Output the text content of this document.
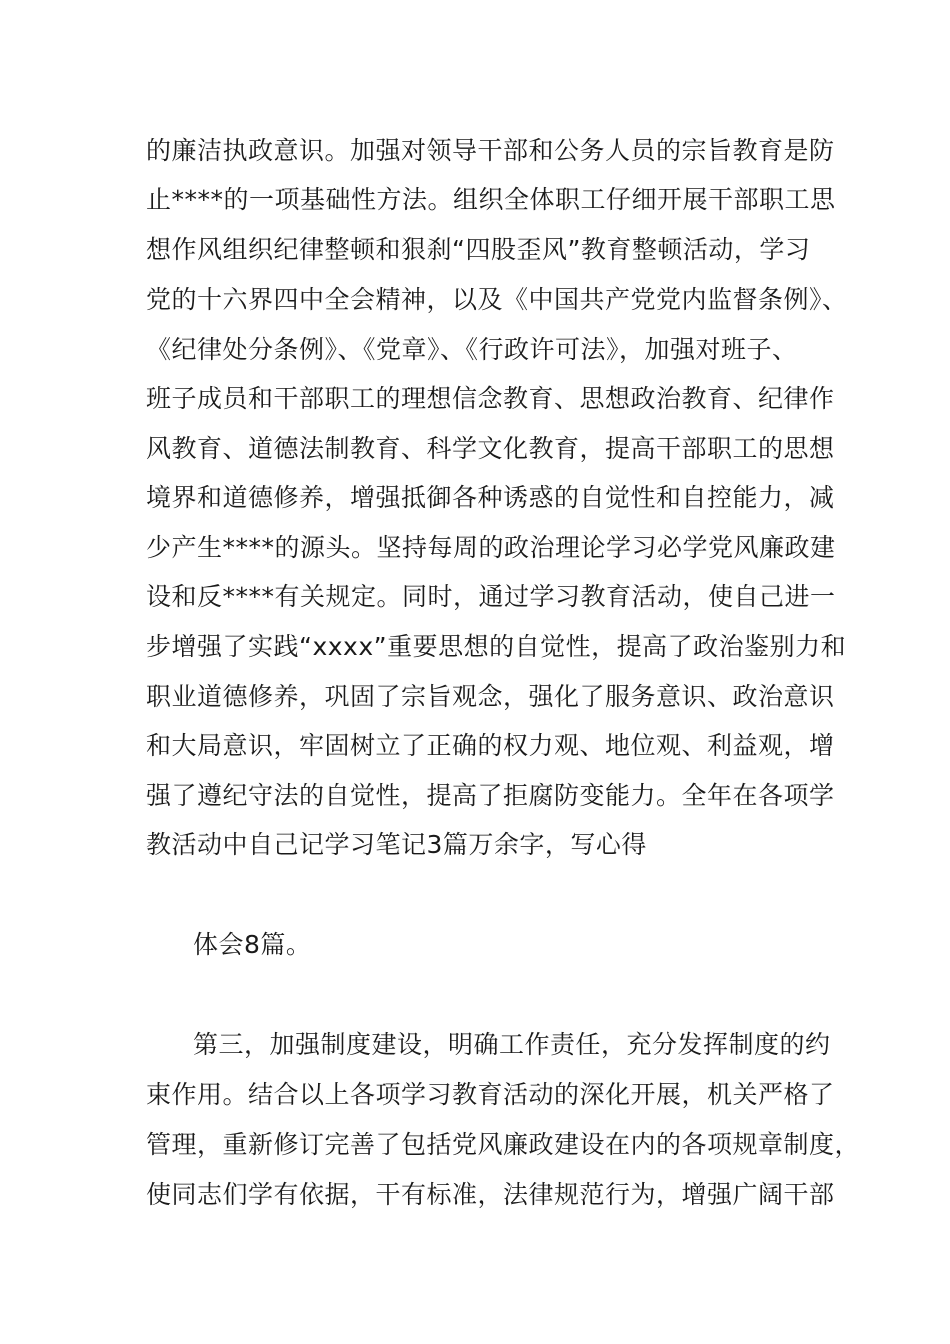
的廉洁执政意识。加强对领导干部和公务人员的宗旨教育是防
止****的一项基础性方法。组织全体职工仔细开展干部职工思
想作风组织纪律整顿和狠刹“四股歪风”教育整顿活动，学习
党的十六界四中全会精神，以及《中国共产党党内监督条例》、
《纪律处分条例》、《党章》、《行政许可法》，加强对班子、
班子成员和干部职工的理想信念教育、思想政治教育、纪律作
风教育、道德法制教育、科学文化教育，提高干部职工的思想
境界和道德修养，增强抵御各种诱惑的自觉性和自控能力，减
少产生****的源头。坚持每周的政治理论学习必学党风廉政建
设和反****有关规定。同时，通过学习教育活动，使自己进一
步增强了实践“xxxx”重要思想的自觉性，提高了政治鉴别力和
职业道德修养，巩固了宗旨观念，强化了服务意识、政治意识
和大局意识，牢固树立了正确的权力观、地位观、利益观，增
强了遵纪守法的自觉性，提高了拒腐防变能力。全年在各项学
教活动中自己记学习笔记3篇万余字，写心得
体会8篇。
第三，加强制度建设，明确工作责任，充分发挥制度的约
束作用。结合以上各项学习教育活动的深化开展，机关严格了
管理，重新修订完善了包括党风廉政建设在内的各项规章制度，
使同志们学有依据，干有标准，法律规范行为，增强广阔干部
